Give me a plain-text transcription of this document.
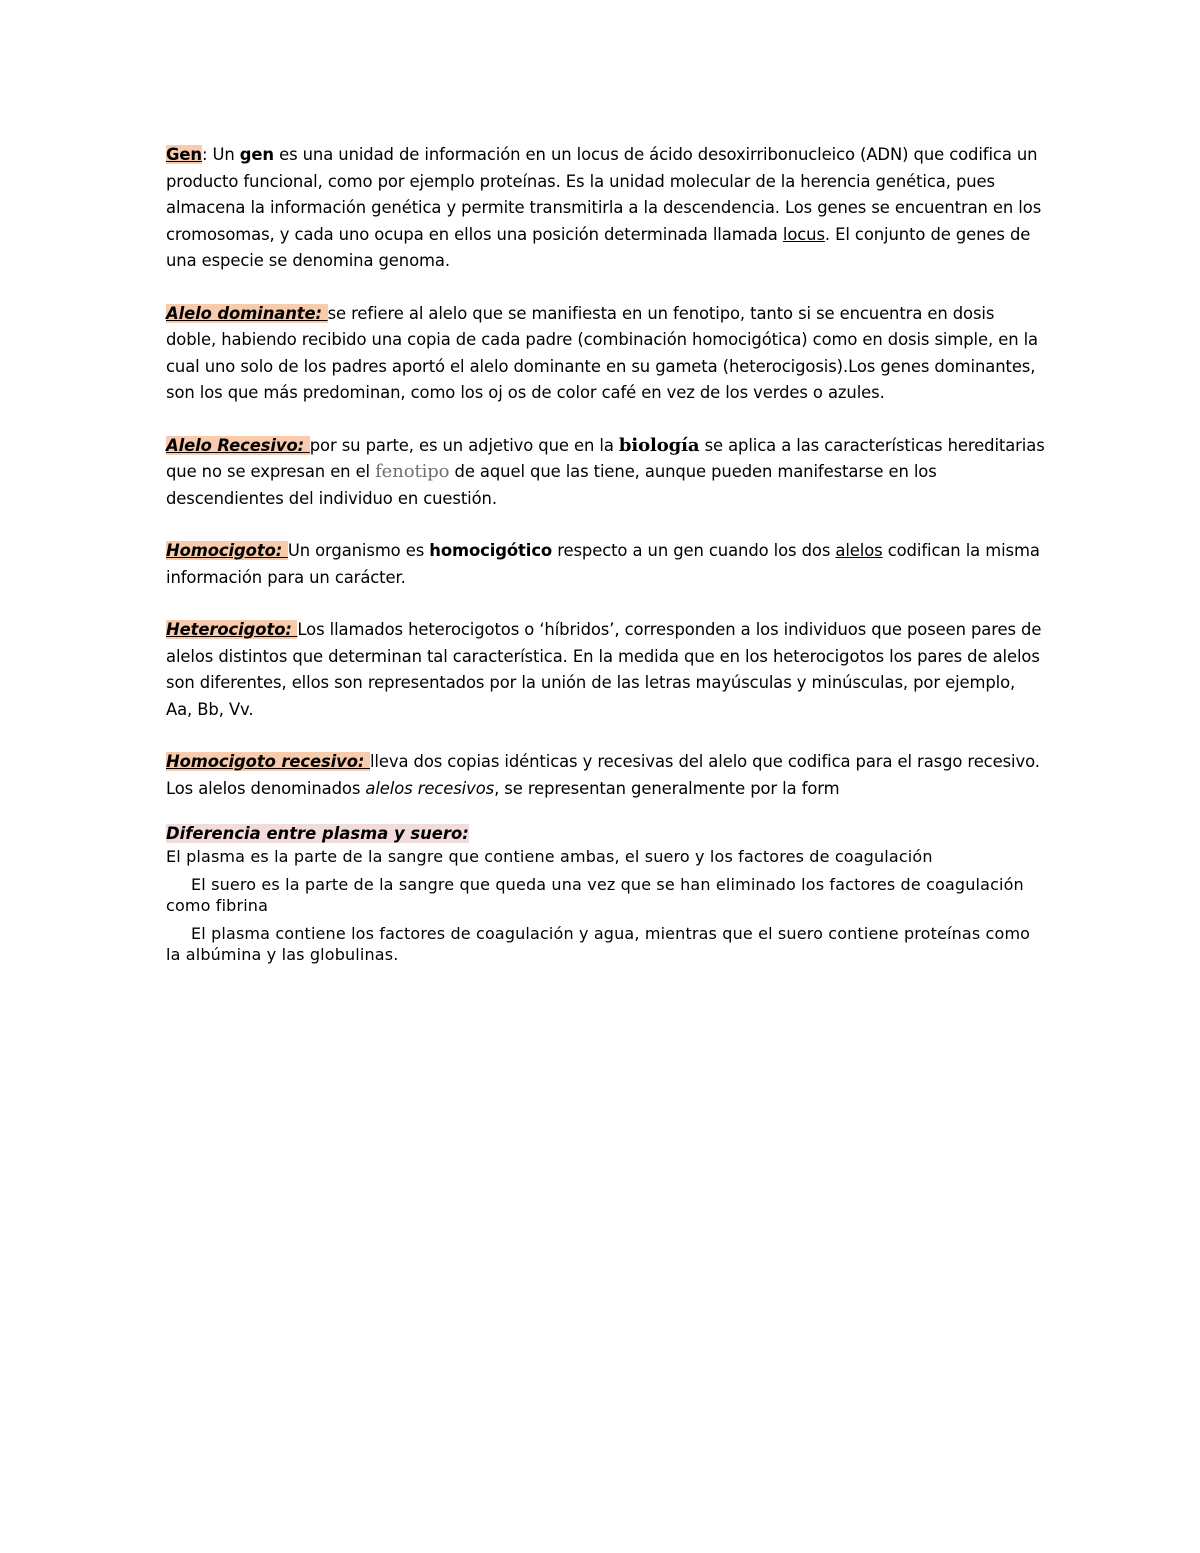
Gen: Un gen es una unidad de información en un locus de ácido desoxirribonucleico (ADN) que codifica un producto funcional, como por ejemplo proteínas. Es la unidad molecular de la herencia genética, pues almacena la información genética y permite transmitirla a la descendencia. Los genes se encuentran en los cromosomas, y cada uno ocupa en ellos una posición determinada llamada locus. El conjunto de genes de una especie se denomina genoma.

Alelo dominante: se refiere al alelo que se manifiesta en un fenotipo, tanto si se encuentra en dosis doble, habiendo recibido una copia de cada padre (combinación homocigótica) como en dosis simple, en la cual uno solo de los padres aportó el alelo dominante en su gameta (heterocigosis).Los genes dominantes, son los que más predominan, como los oj os de color café en vez de los verdes o azules.

Alelo Recesivo: por su parte, es un adjetivo que en la biología se aplica a las características hereditarias que no se expresan en el fenotipo de aquel que las tiene, aunque pueden manifestarse en los descendientes del individuo en cuestión.

Homocigoto: Un organismo es homocigótico respecto a un gen cuando los dos alelos codifican la misma información para un carácter.

Heterocigoto: Los llamados heterocigotos o ‘híbridos’, corresponden a los individuos que poseen pares de alelos distintos que determinan tal característica. En la medida que en los heterocigotos los pares de alelos son diferentes, ellos son representados por la unión de las letras mayúsculas y minúsculas, por ejemplo, Aa, Bb, Vv.

Homocigoto recesivo: lleva dos copias idénticas y recesivas del alelo que codifica para el rasgo recesivo. Los alelos denominados alelos recesivos, se representan generalmente por la form

Diferencia entre plasma y suero:
El plasma es la parte de la sangre que contiene ambas, el suero y los factores de coagulación
El suero es la parte de la sangre que queda una vez que se han eliminado los factores de coagulación como fibrina
El plasma contiene los factores de coagulación y agua, mientras que el suero contiene proteínas como la albúmina y las globulinas.
